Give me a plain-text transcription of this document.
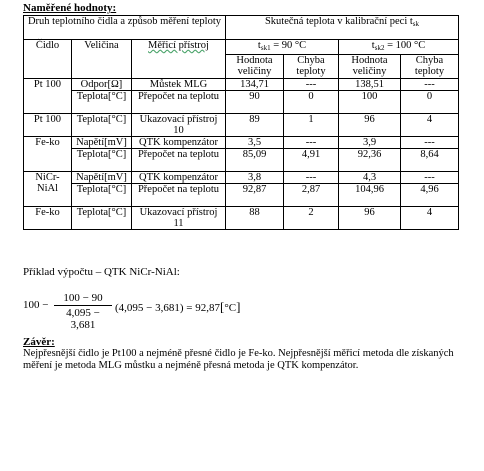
Naměřené hodnoty:
Druh teplotního čidla a způsob měření teploty			Skutečná teplota v kalibrační peci $t_{sk}$
Čidlo	Veličina	Měřicí přístroj	$t_{sk1} = 90$ °C		$t_{sk2} = 100$ °C	
			Hodnota veličiny	Chyba teploty	Hodnota veličiny	Chyba teploty
Pt 100	Odpor[Ω]	Můstek MLG	134,71	---	138,51	---
	Teplota[°C]	Přepočet na teplotu	90	0	100	0
Pt 100	Teplota[°C]	Ukazovací přístroj 10	89	1	96	4
Fe-ko	Napětí[mV]	QTK kompenzátor	3,5	---	3,9	---
	Teplota[°C]	Přepočet na teplotu	85,09	4,91	92,36	8,64
NiCr-NiAl	Napětí[mV]	QTK kompenzátor	3,8	---	4,3	---
	Teplota[°C]	Přepočet na teplotu	92,87	2,87	104,96	4,96
Fe-ko	Teplota[°C]	Ukazovací přístroj 11	88	2	96	4
Příklad výpočtu – QTK NiCr-NiAl:
100 −
100 − 90
4,095 − 3,681
(4,095 − 3,681) = 92,87[°C]
Závěr:
Nejpřesnější čidlo je Pt100 a nejméně přesné čidlo je Fe-ko. Nejpřesnější měřicí metoda dle získaných měření je metoda MLG můstku a nejméně přesná metoda je QTK kompenzátor.
